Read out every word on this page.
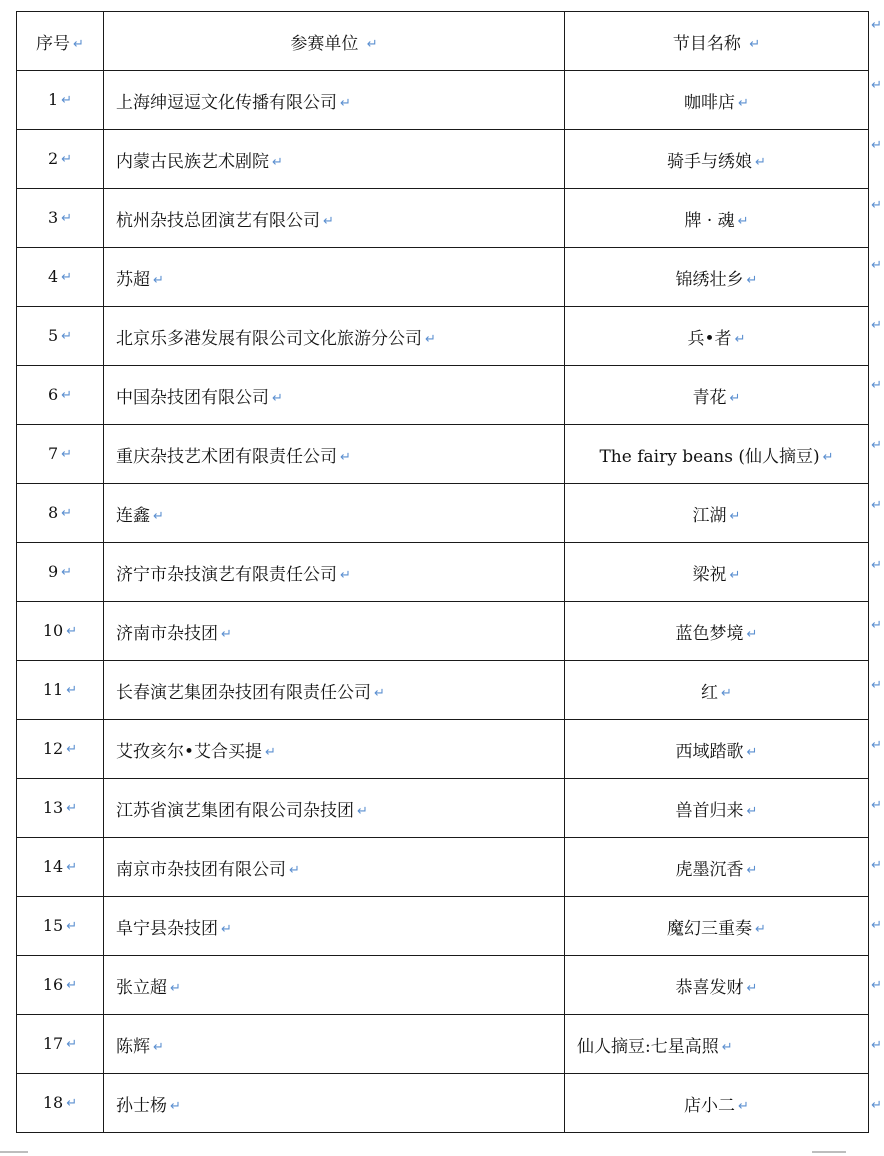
序号 ↵	参赛单位 ↵	节目名称 ↵
1 ↵	上海绅逗逗文化传播有限公司 ↵	咖啡店 ↵
2 ↵	内蒙古民族艺术剧院 ↵	骑手与绣娘 ↵
3 ↵	杭州杂技总团演艺有限公司 ↵	牌 · 魂 ↵
4 ↵	苏超 ↵	锦绣壮乡 ↵
5 ↵	北京乐多港发展有限公司文化旅游分公司 ↵	兵•者 ↵
6 ↵	中国杂技团有限公司 ↵	青花 ↵
7 ↵	重庆杂技艺术团有限责任公司 ↵	The fairy beans (仙人摘豆) ↵
8 ↵	连鑫 ↵	江湖 ↵
9 ↵	济宁市杂技演艺有限责任公司 ↵	梁祝 ↵
10 ↵	济南市杂技团 ↵	蓝色梦境 ↵
11 ↵	长春演艺集团杂技团有限责任公司 ↵	红 ↵
12 ↵	艾孜亥尔•艾合买提 ↵	西域踏歌 ↵
13 ↵	江苏省演艺集团有限公司杂技团 ↵	兽首归来 ↵
14 ↵	南京市杂技团有限公司 ↵	虎墨沉香 ↵
15 ↵	阜宁县杂技团 ↵	魔幻三重奏 ↵
16 ↵	张立超 ↵	恭喜发财 ↵
17 ↵	陈辉 ↵	仙人摘豆:七星高照 ↵
18 ↵	孙士杨 ↵	店小二 ↵
↵
↵
↵
↵
↵
↵
↵
↵
↵
↵
↵
↵
↵
↵
↵
↵
↵
↵
↵
